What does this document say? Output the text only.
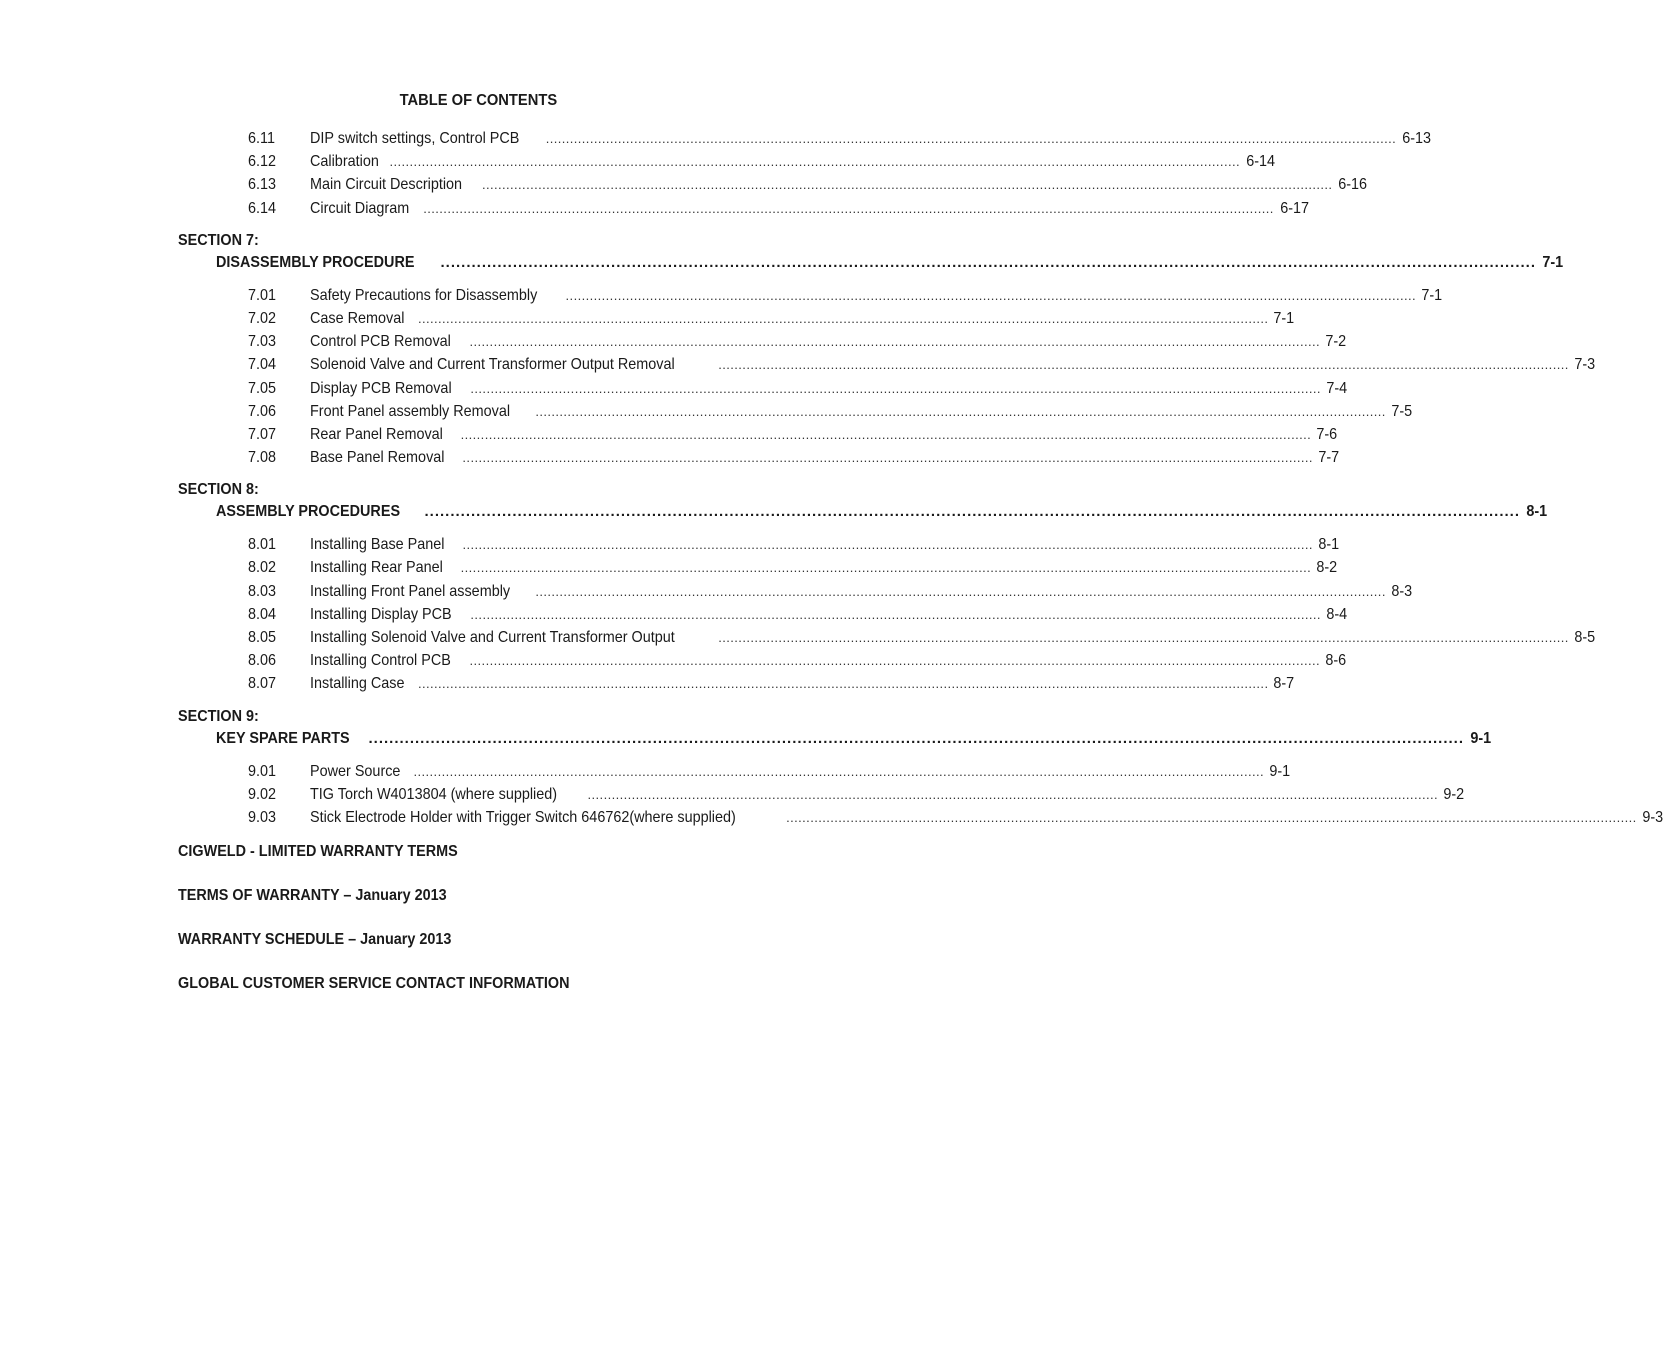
TABLE OF CONTENTS
6.11 DIP switch settings, Control PCB	.................................................................................................................................................................................................................... 6-13
6.12 Calibration .................................................................................................................................................................................................................... 6-14
6.13 Main Circuit Description	.................................................................................................................................................................................................................... 6-16
6.14 Circuit Diagram	.................................................................................................................................................................................................................... 6-17
SECTION 7:
DISASSEMBLY PROCEDURE .................................................................................................................................................................................................................... 7-1
7.01 Safety Precautions for Disassembly	.................................................................................................................................................................................................................... 7-1
7.02 Case Removal	.................................................................................................................................................................................................................... 7-1
7.03 Control PCB Removal	.................................................................................................................................................................................................................... 7-2
7.04 Solenoid Valve and Current Transformer Output Removal	.................................................................................................................................................................................................................... 7-3
7.05 Display PCB Removal	.................................................................................................................................................................................................................... 7-4
7.06 Front Panel assembly Removal	.................................................................................................................................................................................................................... 7-5
7.07 Rear Panel Removal	.................................................................................................................................................................................................................... 7-6
7.08 Base Panel Removal	.................................................................................................................................................................................................................... 7-7
SECTION 8:
ASSEMBLY PROCEDURES .................................................................................................................................................................................................................... 8-1
8.01 Installing Base Panel	.................................................................................................................................................................................................................... 8-1
8.02 Installing Rear Panel	.................................................................................................................................................................................................................... 8-2
8.03 Installing Front Panel assembly	.................................................................................................................................................................................................................... 8-3
8.04 Installing Display PCB	.................................................................................................................................................................................................................... 8-4
8.05 Installing Solenoid Valve and Current Transformer Output	.................................................................................................................................................................................................................... 8-5
8.06 Installing Control PCB	.................................................................................................................................................................................................................... 8-6
8.07 Installing Case	.................................................................................................................................................................................................................... 8-7
SECTION 9:
KEY SPARE PARTS .................................................................................................................................................................................................................... 9-1
9.01 Power Source	.................................................................................................................................................................................................................... 9-1
9.02 TIG Torch W4013804 (where supplied)	.................................................................................................................................................................................................................... 9-2
9.03 Stick Electrode Holder with Trigger Switch 646762(where supplied)	.................................................................................................................................................................................................................... 9-3
CIGWELD - LIMITED WARRANTY TERMS
TERMS OF WARRANTY – January 2013
WARRANTY SCHEDULE – January 2013
GLOBAL CUSTOMER SERVICE CONTACT INFORMATION
